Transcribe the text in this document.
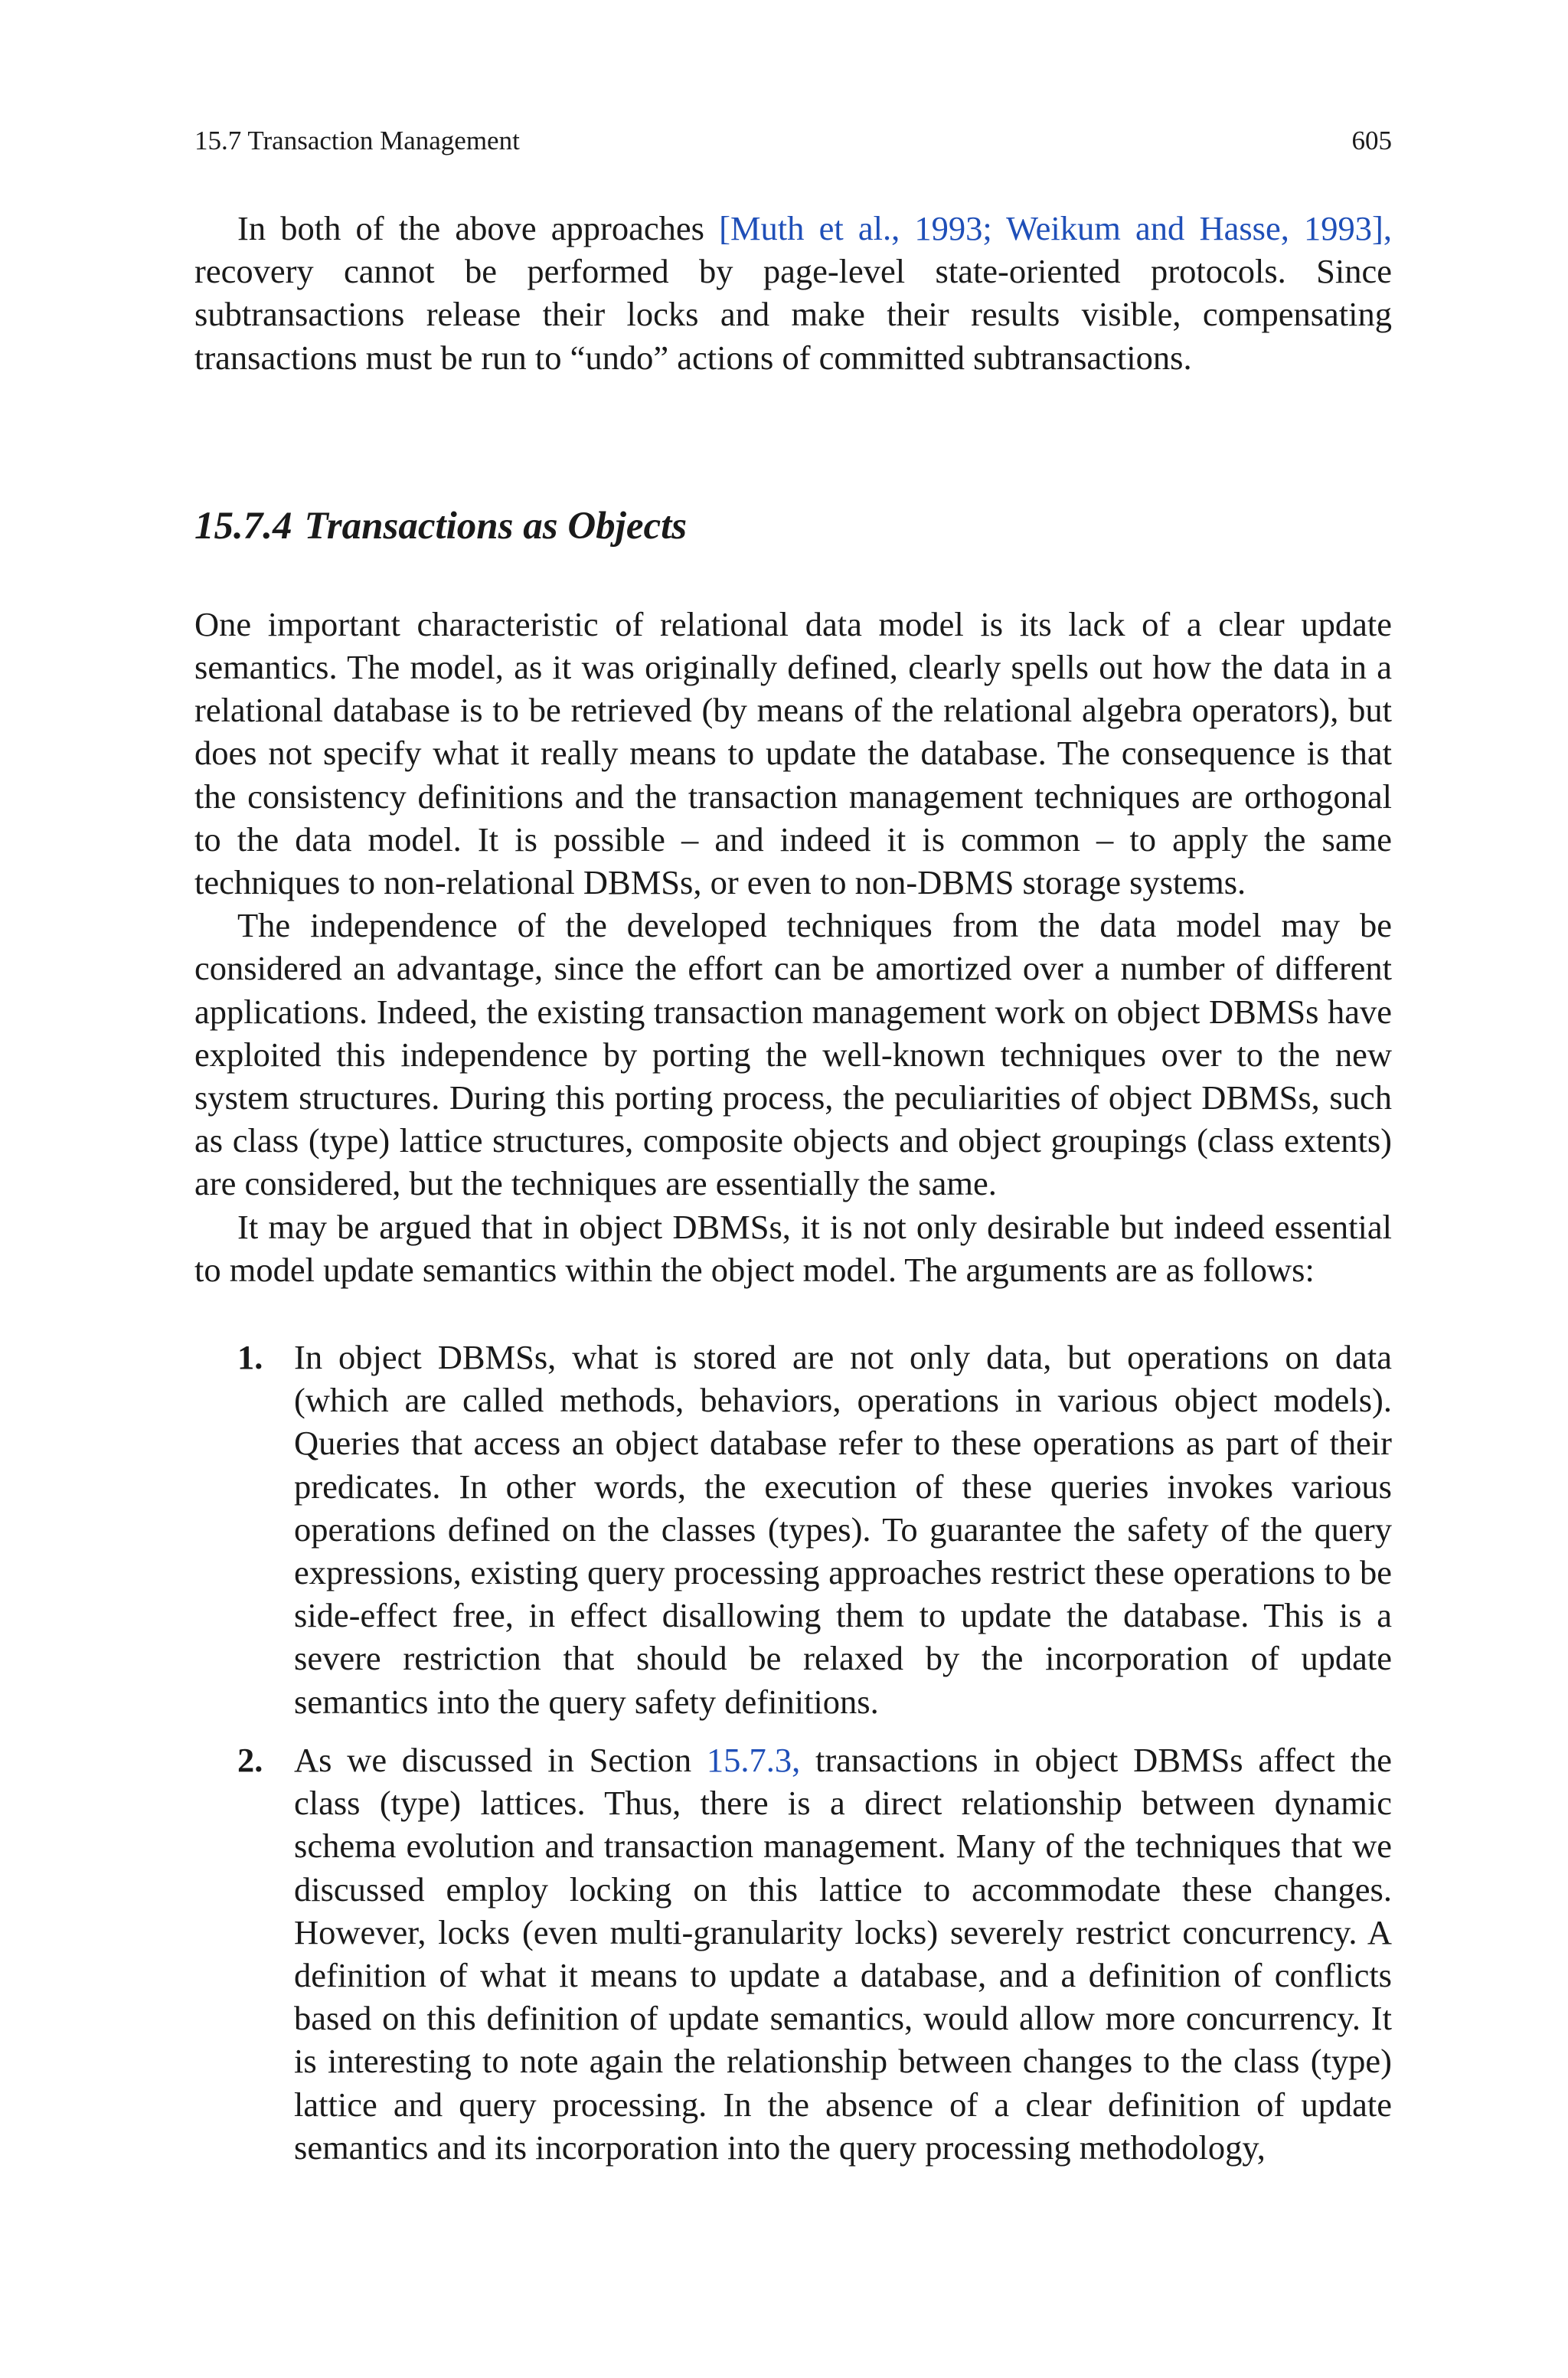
15.7 Transaction Management	605

In both of the above approaches [Muth et al., 1993; Weikum and Hasse, 1993], recovery cannot be performed by page-level state-oriented protocols. Since subtransactions release their locks and make their results visible, compensating transactions must be run to “undo” actions of committed subtransactions.

15.7.4 Transactions as Objects

One important characteristic of relational data model is its lack of a clear update semantics. The model, as it was originally defined, clearly spells out how the data in a relational database is to be retrieved (by means of the relational algebra operators), but does not specify what it really means to update the database. The consequence is that the consistency definitions and the transaction management techniques are orthogonal to the data model. It is possible – and indeed it is common – to apply the same techniques to non-relational DBMSs, or even to non-DBMS storage systems.

The independence of the developed techniques from the data model may be considered an advantage, since the effort can be amortized over a number of different applications. Indeed, the existing transaction management work on object DBMSs have exploited this independence by porting the well-known techniques over to the new system structures. During this porting process, the peculiarities of object DBMSs, such as class (type) lattice structures, composite objects and object groupings (class extents) are considered, but the techniques are essentially the same.

It may be argued that in object DBMSs, it is not only desirable but indeed essential to model update semantics within the object model. The arguments are as follows:

1. In object DBMSs, what is stored are not only data, but operations on data (which are called methods, behaviors, operations in various object models). Queries that access an object database refer to these operations as part of their predicates. In other words, the execution of these queries invokes various operations defined on the classes (types). To guarantee the safety of the query expressions, existing query processing approaches restrict these operations to be side-effect free, in effect disallowing them to update the database. This is a severe restriction that should be relaxed by the incorporation of update semantics into the query safety definitions.

2. As we discussed in Section 15.7.3, transactions in object DBMSs affect the class (type) lattices. Thus, there is a direct relationship between dynamic schema evolution and transaction management. Many of the techniques that we discussed employ locking on this lattice to accommodate these changes. However, locks (even multi-granularity locks) severely restrict concurrency. A definition of what it means to update a database, and a definition of conflicts based on this definition of update semantics, would allow more concurrency. It is interesting to note again the relationship between changes to the class (type) lattice and query processing. In the absence of a clear definition of update semantics and its incorporation into the query processing methodology,
